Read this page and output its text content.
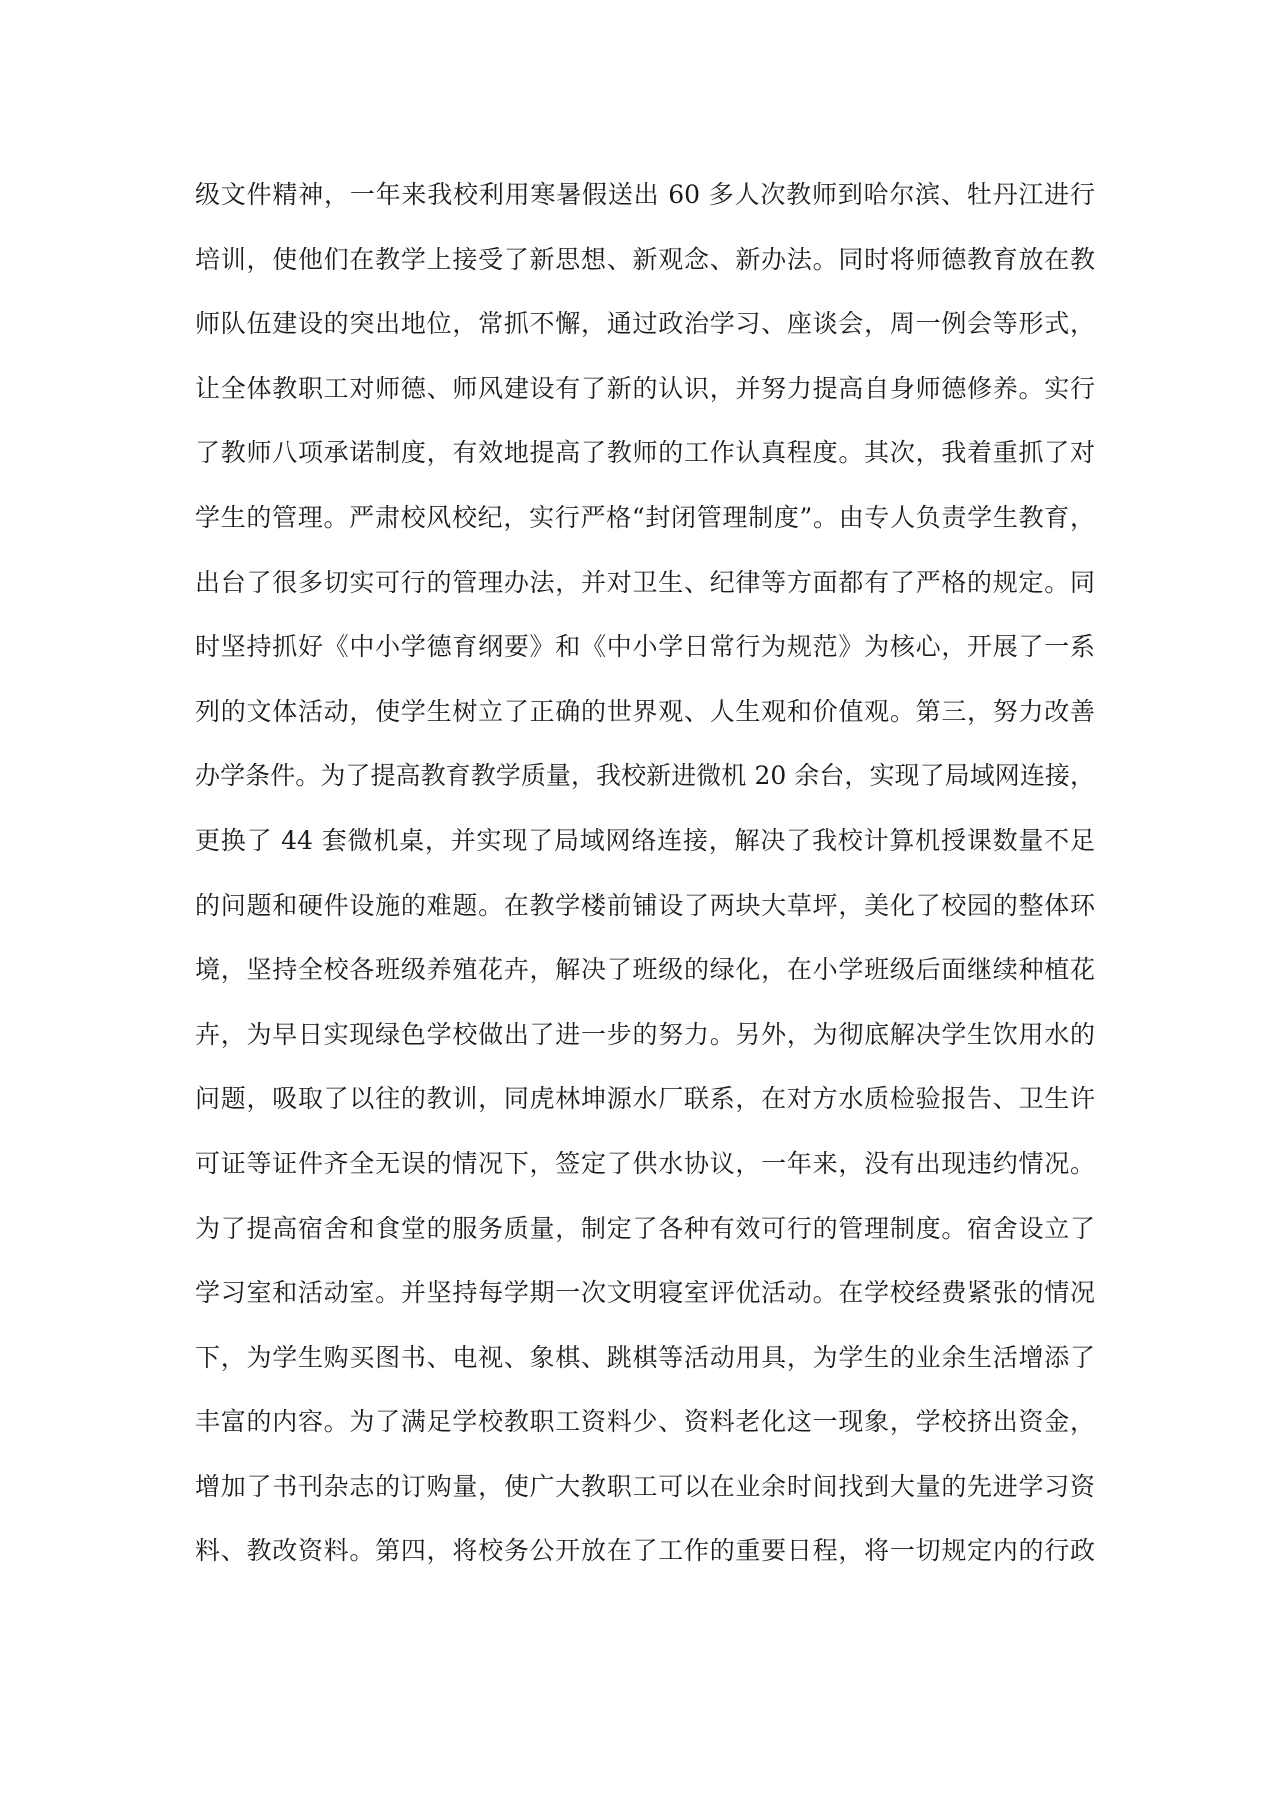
级文件精神，一年来我校利用寒暑假送出 60 多人次教师到哈尔滨、牡丹江进行
培训，使他们在教学上接受了新思想、新观念、新办法。同时将师德教育放在教
师队伍建设的突出地位，常抓不懈，通过政治学习、座谈会，周一例会等形式，
让全体教职工对师德、师风建设有了新的认识，并努力提高自身师德修养。实行
了教师八项承诺制度，有效地提高了教师的工作认真程度。其次，我着重抓了对
学生的管理。严肃校风校纪，实行严格“封闭管理制度”。由专人负责学生教育，
出台了很多切实可行的管理办法，并对卫生、纪律等方面都有了严格的规定。同
时坚持抓好《中小学德育纲要》和《中小学日常行为规范》为核心，开展了一系
列的文体活动，使学生树立了正确的世界观、人生观和价值观。第三，努力改善
办学条件。为了提高教育教学质量，我校新进微机 20 余台，实现了局域网连接，
更换了 44 套微机桌，并实现了局域网络连接，解决了我校计算机授课数量不足
的问题和硬件设施的难题。在教学楼前铺设了两块大草坪，美化了校园的整体环
境，坚持全校各班级养殖花卉，解决了班级的绿化，在小学班级后面继续种植花
卉，为早日实现绿色学校做出了进一步的努力。另外，为彻底解决学生饮用水的
问题，吸取了以往的教训，同虎林坤源水厂联系，在对方水质检验报告、卫生许
可证等证件齐全无误的情况下，签定了供水协议，一年来，没有出现违约情况。
为了提高宿舍和食堂的服务质量，制定了各种有效可行的管理制度。宿舍设立了
学习室和活动室。并坚持每学期一次文明寝室评优活动。在学校经费紧张的情况
下，为学生购买图书、电视、象棋、跳棋等活动用具，为学生的业余生活增添了
丰富的内容。为了满足学校教职工资料少、资料老化这一现象，学校挤出资金，
增加了书刊杂志的订购量，使广大教职工可以在业余时间找到大量的先进学习资
料、教改资料。第四，将校务公开放在了工作的重要日程，将一切规定内的行政
